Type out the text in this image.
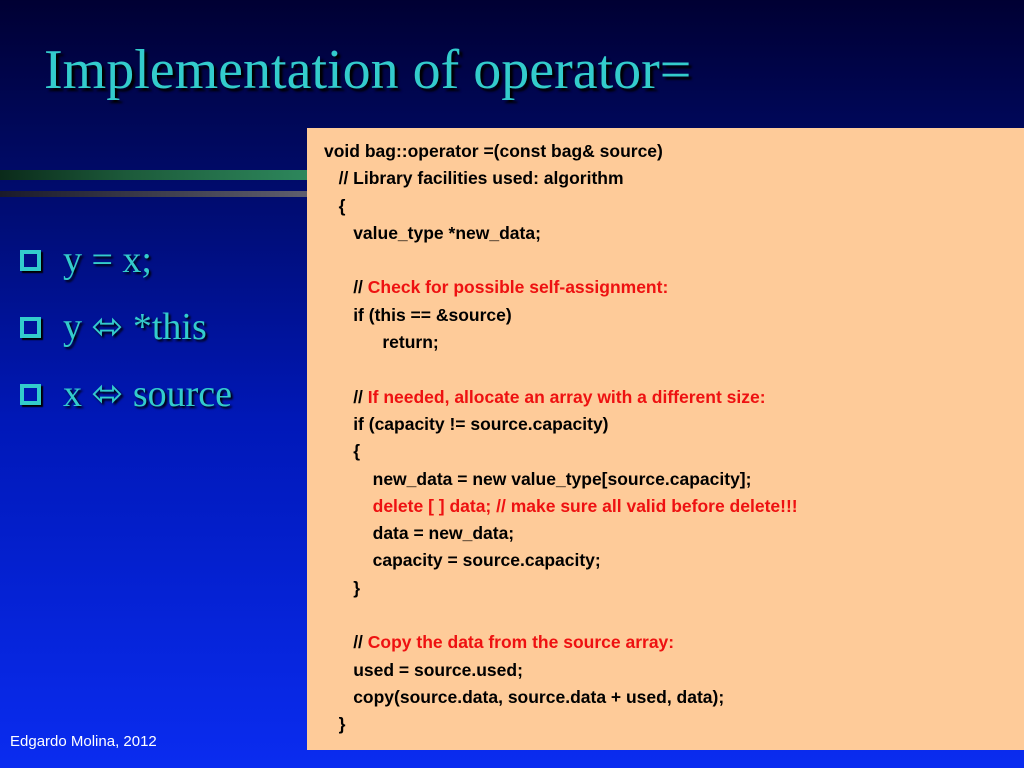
Implementation of operator=
y = x;
y ⬄ *this
x ⬄ source
void bag::operator =(const bag& source)
// Library facilities used: algorithm
{
value_type *new_data;
// Check for possible self-assignment:
if (this == &source)
return;
// If needed, allocate an array with a different size:
if (capacity != source.capacity)
{
new_data = new value_type[source.capacity];
delete [ ] data; // make sure all valid before delete!!!
data = new_data;
capacity = source.capacity;
}
// Copy the data from the source array:
used = source.used;
copy(source.data, source.data + used, data);
}
Edgardo Molina, 2012
